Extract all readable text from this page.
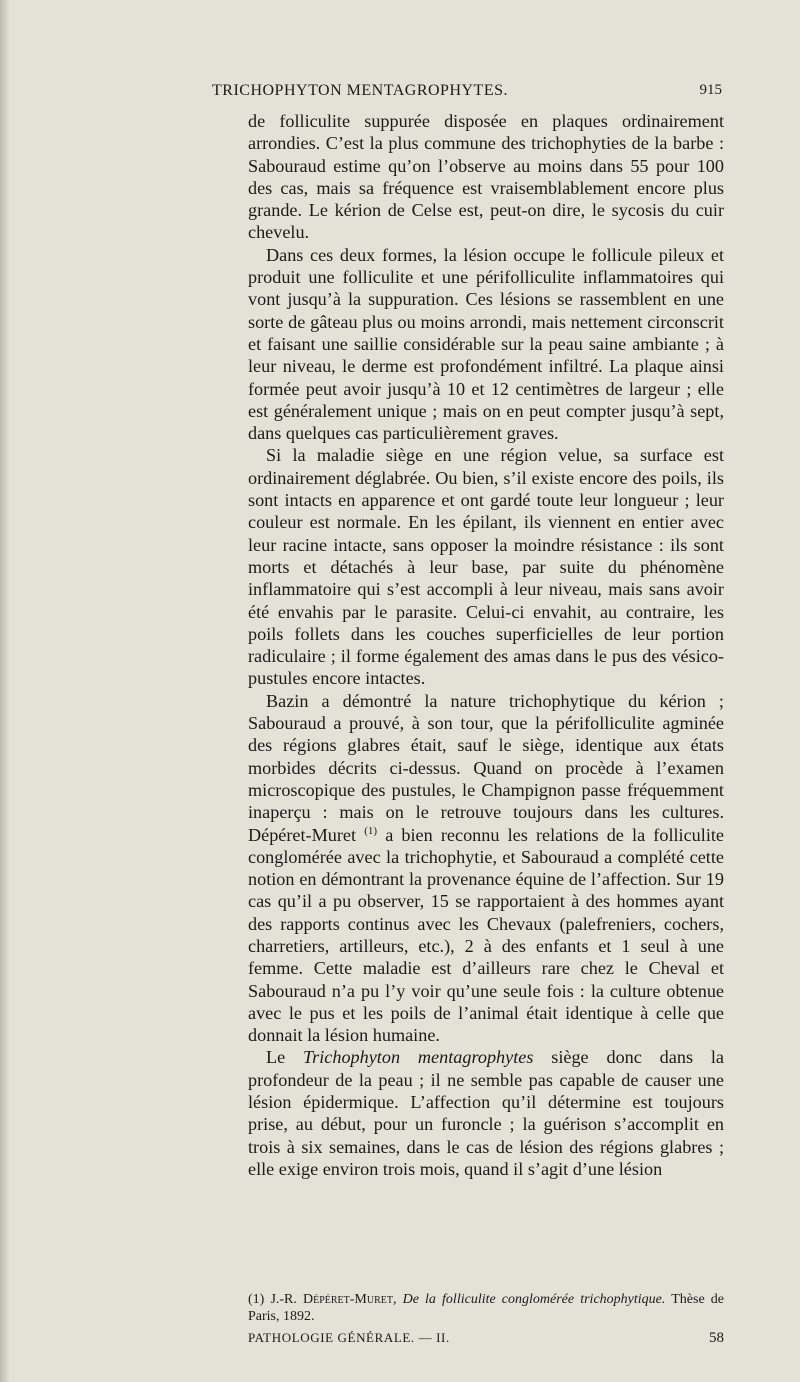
TRICHOPHYTON MENTAGROPHYTES.	915

de folliculite suppurée disposée en plaques ordinairement arrondies. C’est la plus commune des trichophyties de la barbe : Sabouraud estime qu’on l’observe au moins dans 55 pour 100 des cas, mais sa fréquence est vraisemblablement encore plus grande. Le kérion de Celse est, peut-on dire, le sycosis du cuir chevelu.

Dans ces deux formes, la lésion occupe le follicule pileux et produit une folliculite et une périfolliculite inflammatoires qui vont jusqu’à la suppuration. Ces lésions se rassemblent en une sorte de gâteau plus ou moins arrondi, mais nettement circonscrit et faisant une saillie considérable sur la peau saine ambiante ; à leur niveau, le derme est profondément infiltré. La plaque ainsi formée peut avoir jusqu’à 10 et 12 centimètres de largeur ; elle est généralement unique ; mais on en peut compter jusqu’à sept, dans quelques cas particulièrement graves.

Si la maladie siège en une région velue, sa surface est ordinairement déglabrée. Ou bien, s’il existe encore des poils, ils sont intacts en apparence et ont gardé toute leur longueur ; leur couleur est normale. En les épilant, ils viennent en entier avec leur racine intacte, sans opposer la moindre résistance : ils sont morts et détachés à leur base, par suite du phénomène inflammatoire qui s’est accompli à leur niveau, mais sans avoir été envahis par le parasite. Celui-ci envahit, au contraire, les poils follets dans les couches superficielles de leur portion radiculaire ; il forme également des amas dans le pus des vésico-pustules encore intactes.

Bazin a démontré la nature trichophytique du kérion ; Sabouraud a prouvé, à son tour, que la périfolliculite agminée des régions glabres était, sauf le siège, identique aux états morbides décrits ci-dessus. Quand on procède à l’examen microscopique des pustules, le Champignon passe fréquemment inaperçu : mais on le retrouve toujours dans les cultures. Dépéret-Muret $^{(1)}$ a bien reconnu les relations de la folliculite conglomérée avec la trichophytie, et Sabouraud a complété cette notion en démontrant la provenance équine de l’affection. Sur 19 cas qu’il a pu observer, 15 se rapportaient à des hommes ayant des rapports continus avec les Chevaux (palefreniers, cochers, charretiers, artilleurs, etc.), 2 à des enfants et 1 seul à une femme. Cette maladie est d’ailleurs rare chez le Cheval et Sabouraud n’a pu l’y voir qu’une seule fois : la culture obtenue avec le pus et les poils de l’animal était identique à celle que donnait la lésion humaine.

Le Trichophyton mentagrophytes siège donc dans la profondeur de la peau ; il ne semble pas capable de causer une lésion épidermique. L’affection qu’il détermine est toujours prise, au début, pour un furoncle ; la guérison s’accomplit en trois à six semaines, dans le cas de lésion des régions glabres ; elle exige environ trois mois, quand il s’agit d’une lésion

(1) J.-R. Dépéret-Muret, De la folliculite conglomérée trichophytique. Thèse de Paris, 1892.
PATHOLOGIE GÉNÉRALE. — II.	58
